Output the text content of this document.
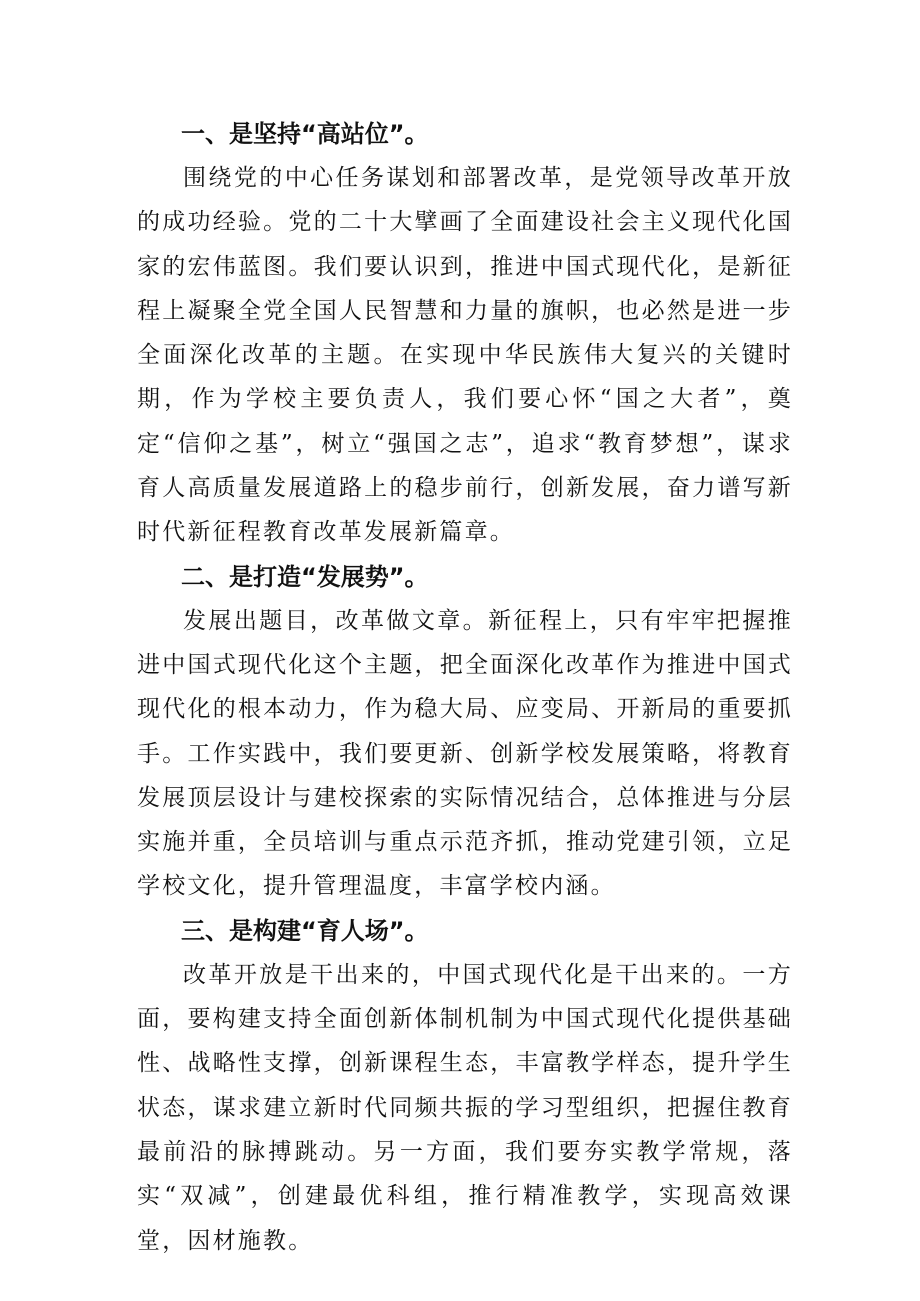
一、是坚持“高站位”。

围绕党的中心任务谋划和部署改革，是党领导改革开放的成功经验。党的二十大擘画了全面建设社会主义现代化国家的宏伟蓝图。我们要认识到，推进中国式现代化，是新征程上凝聚全党全国人民智慧和力量的旗帜，也必然是进一步全面深化改革的主题。在实现中华民族伟大复兴的关键时期，作为学校主要负责人，我们要心怀“国之大者”，奠定“信仰之基”，树立“强国之志”，追求“教育梦想”，谋求育人高质量发展道路上的稳步前行，创新发展，奋力谱写新时代新征程教育改革发展新篇章。

二、是打造“发展势”。

发展出题目，改革做文章。新征程上，只有牢牢把握推进中国式现代化这个主题，把全面深化改革作为推进中国式现代化的根本动力，作为稳大局、应变局、开新局的重要抓手。工作实践中，我们要更新、创新学校发展策略，将教育发展顶层设计与建校探索的实际情况结合，总体推进与分层实施并重，全员培训与重点示范齐抓，推动党建引领，立足学校文化，提升管理温度，丰富学校内涵。

三、是构建“育人场”。

改革开放是干出来的，中国式现代化是干出来的。一方面，要构建支持全面创新体制机制为中国式现代化提供基础性、战略性支撑，创新课程生态，丰富教学样态，提升学生状态，谋求建立新时代同频共振的学习型组织，把握住教育最前沿的脉搏跳动。另一方面，我们要夯实教学常规，落实“双减”，创建最优科组，推行精准教学，实现高效课堂，因材施教。
